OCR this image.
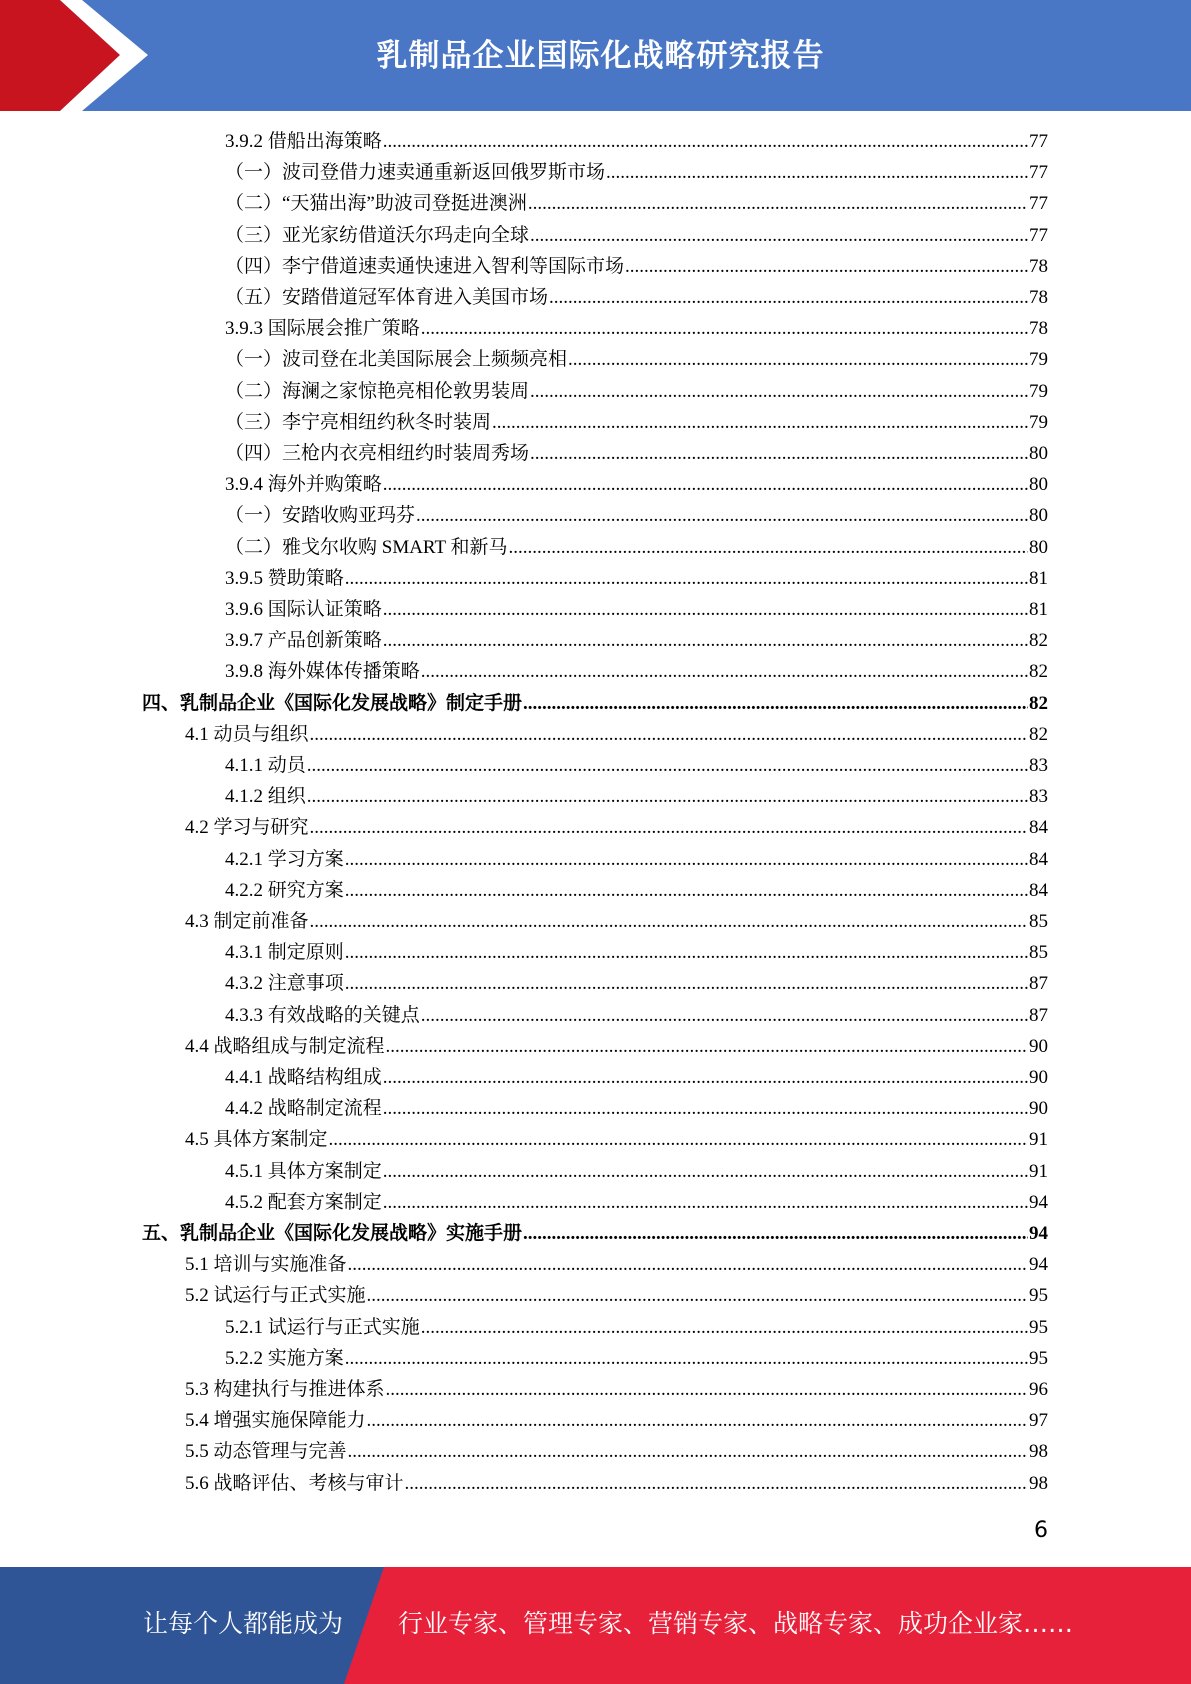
乳制品企业国际化战略研究报告
3.9.2 借船出海策略 .....	77
（一）波司登借力速卖通重新返回俄罗斯市场 .....	77
（二）“天猫出海”助波司登挺进澳洲 .....	77
（三）亚光家纺借道沃尔玛走向全球 .....	77
（四）李宁借道速卖通快速进入智利等国际市场 .....	78
（五）安踏借道冠军体育进入美国市场 .....	78
3.9.3 国际展会推广策略 .....	78
（一）波司登在北美国际展会上频频亮相 .....	79
（二）海澜之家惊艳亮相伦敦男装周 .....	79
（三）李宁亮相纽约秋冬时装周 .....	79
（四）三枪内衣亮相纽约时装周秀场 .....	80
3.9.4 海外并购策略 .....	80
（一）安踏收购亚玛芬 .....	80
（二）雅戈尔收购 SMART 和新马 .....	80
3.9.5 赞助策略 .....	81
3.9.6 国际认证策略 .....	81
3.9.7 产品创新策略 .....	82
3.9.8 海外媒体传播策略 .....	82
四、乳制品企业《国际化发展战略》制定手册 .....	82
4.1 动员与组织 .....	82
4.1.1 动员 .....	83
4.1.2 组织 .....	83
4.2 学习与研究 .....	84
4.2.1 学习方案 .....	84
4.2.2 研究方案 .....	84
4.3 制定前准备 .....	85
4.3.1 制定原则 .....	85
4.3.2 注意事项 .....	87
4.3.3 有效战略的关键点 .....	87
4.4 战略组成与制定流程 .....	90
4.4.1 战略结构组成 .....	90
4.4.2 战略制定流程 .....	90
4.5 具体方案制定 .....	91
4.5.1 具体方案制定 .....	91
4.5.2 配套方案制定 .....	94
五、乳制品企业《国际化发展战略》实施手册 .....	94
5.1 培训与实施准备 .....	94
5.2 试运行与正式实施 .....	95
5.2.1 试运行与正式实施 .....	95
5.2.2 实施方案 .....	95
5.3 构建执行与推进体系 .....	96
5.4 增强实施保障能力 .....	97
5.5 动态管理与完善 .....	98
5.6 战略评估、考核与审计 .....	98
6
让每个人都能成为 行业专家、管理专家、营销专家、战略专家、成功企业家……
